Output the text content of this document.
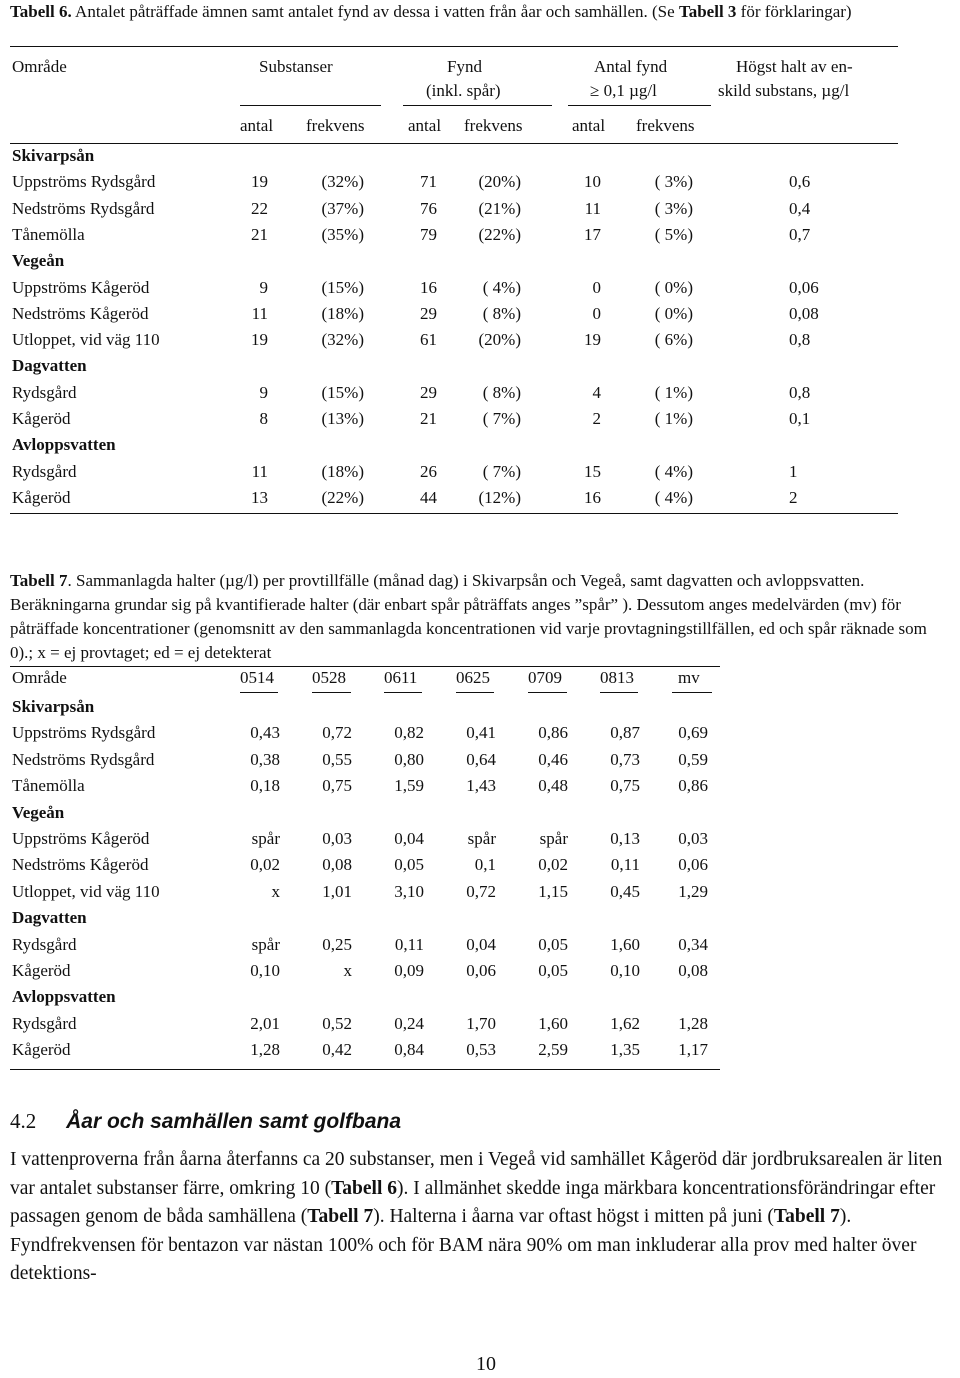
Tabell 6. Antalet påträffade ämnen samt antalet fynd av dessa i vatten från åar och samhällen. (Se Tabell 3 för förklaringar)
Område	Substanser	Fynd
(inkl. spår)
Antal fynd
≥ 0,1 µg/l
Högst halt av en-
skild substans, µg/l
antal frekvens	antal frekvens	antal frekvens
Skivarpsån
Uppströms Rydsgård	19	(32%)	71 (20%)	10	( 3%)	0,6
Nedströms Rydsgård	22	(37%)	76 (21%)	11	( 3%)	0,4
Tånemölla	21	(35%)	79 (22%)	17	( 5%)	0,7
Vegeån
Uppströms Kågeröd	9	(15%)	16	( 4%)	0	( 0%)	0,06
Nedströms Kågeröd	11	(18%)	29	( 8%)	0	( 0%)	0,08
Utloppet, vid väg 110	19	(32%)	61 (20%)	19	( 6%)	0,8
Dagvatten
Rydsgård	9	(15%)	29	( 8%)	4	( 1%)	0,8
Kågeröd	8	(13%)	21	( 7%)	2	( 1%)	0,1
Avloppsvatten
Rydsgård	11	(18%)	26	( 7%)	15	( 4%)	1
Kågeröd	13	(22%)	44 (12%)	16	( 4%)	2
Tabell 7. Sammanlagda halter (µg/l) per provtillfälle (månad dag) i Skivarpsån och Vegeå, samt dagvatten och avloppsvatten. Beräkningarna grundar sig på kvantifierade halter (där enbart spår påträffats anges ”spår” ). Dessutom anges medelvärden (mv) för påträffade koncentrationer (genomsnitt av den sammanlagda koncentrationen vid varje provtagningstillfällen, ed och spår räknade som 0).; x = ej provtaget; ed = ej detekterat
Område	0514 0528 0611 0625 0709 0813	mv
Skivarpsån
Uppströms Rydsgård	0,43 0,72 0,82 0,41 0,86 0,87 0,69
Nedströms Rydsgård	0,38 0,55 0,80 0,64 0,46 0,73 0,59
Tånemölla	0,18 0,75 1,59 1,43 0,48 0,75 0,86
Vegeån
Uppströms Kågeröd	spår 0,03 0,04	spår	spår 0,13 0,03
Nedströms Kågeröd	0,02 0,08 0,05	0,1 0,02	0,11 0,06
Utloppet, vid väg 110	x 1,01 3,10 0,72 1,15 0,45 1,29
Dagvatten
Rydsgård	spår 0,25	0,11 0,04 0,05 1,60 0,34
Kågeröd	0,10	x 0,09 0,06 0,05 0,10 0,08
Avloppsvatten
Rydsgård	2,01 0,52 0,24 1,70 1,60 1,62 1,28
Kågeröd	1,28 0,42 0,84 0,53 2,59 1,35 1,17
4.2 Åar och samhällen samt golfbana
I vattenproverna från åarna återfanns ca 20 substanser, men i Vegeå vid samhället Kågeröd där jordbruksarealen är liten var antalet substanser färre, omkring 10 (Tabell 6). I allmänhet skedde inga märkbara koncentrationsförändringar efter passagen genom de båda samhällena (Tabell 7). Halterna i åarna var oftast högst i mitten på juni (Tabell 7). Fyndfrekvensen för bentazon var nästan 100% och för BAM nära 90% om man inkluderar alla prov med halter över detektions-
10
